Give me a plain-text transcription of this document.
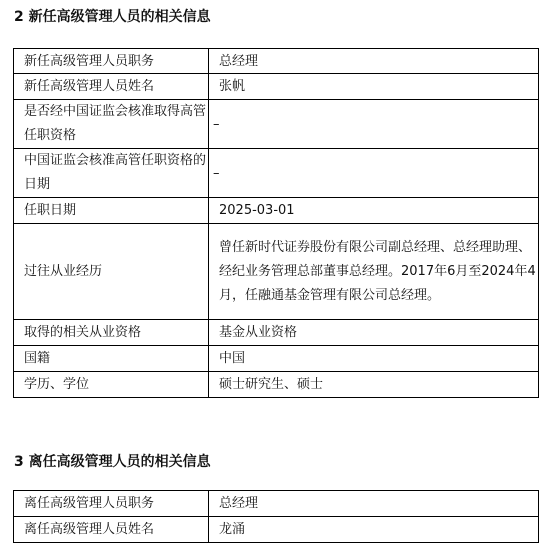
2 新任高级管理人员的相关信息
新任高级管理人员职务	总经理
新任高级管理人员姓名	张帆
是否经中国证监会核准取得高管任职资格	–
中国证监会核准高管任职资格的日期	–
任职日期	2025-03-01
过往从业经历	曾任新时代证券股份有限公司副总经理、总经理助理、经纪业务管理总部董事总经理。2017年6月至2024年4月，任融通基金管理有限公司总经理。
取得的相关从业资格	基金从业资格
国籍	中国
学历、学位	硕士研究生、硕士
3 离任高级管理人员的相关信息
离任高级管理人员职务	总经理
离任高级管理人员姓名	龙涌
